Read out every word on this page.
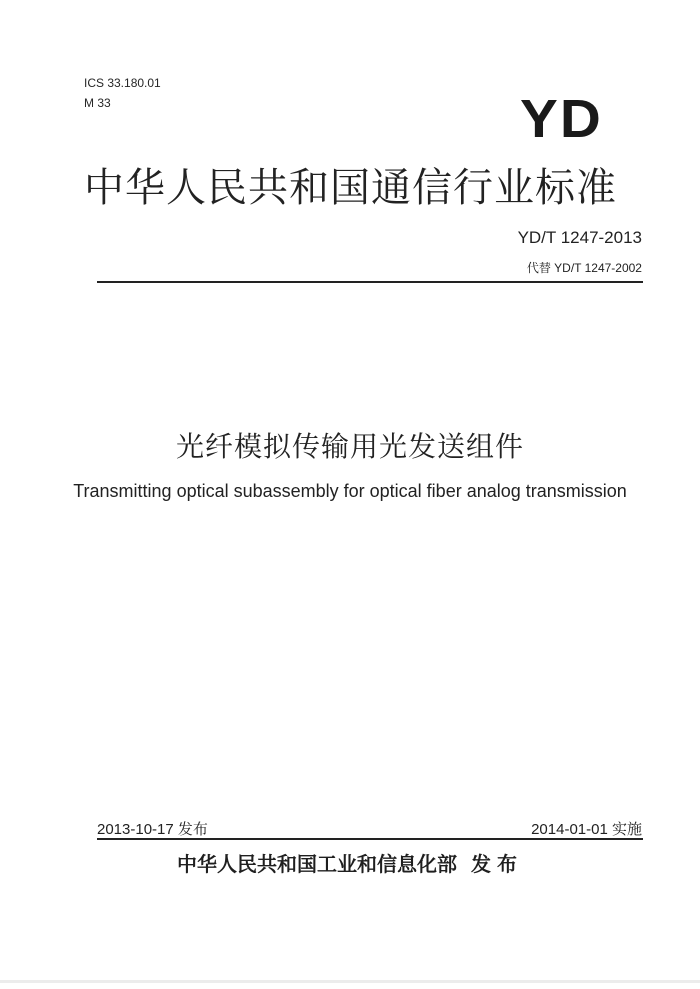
ICS 33.180.01

M 33	YD
中华人民共和国通信行业标准

YD/T 1247-2013

代替 YD/T 1247-2002

光纤模拟传输用光发送组件

Transmitting optical subassembly for optical fiber analog transmission

2013-10-17 发布	2014-01-01 实施

中华人民共和国工业和信息化部 发布
